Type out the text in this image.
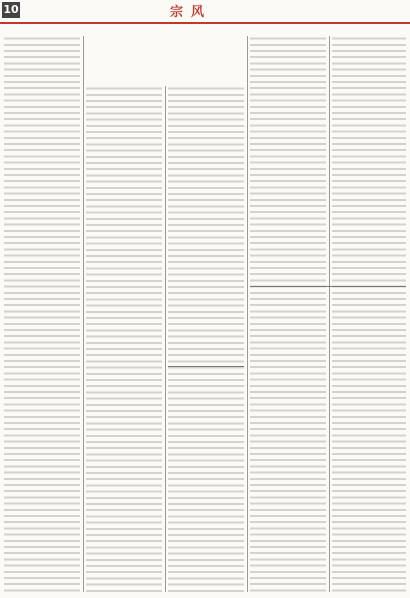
10	宗风
